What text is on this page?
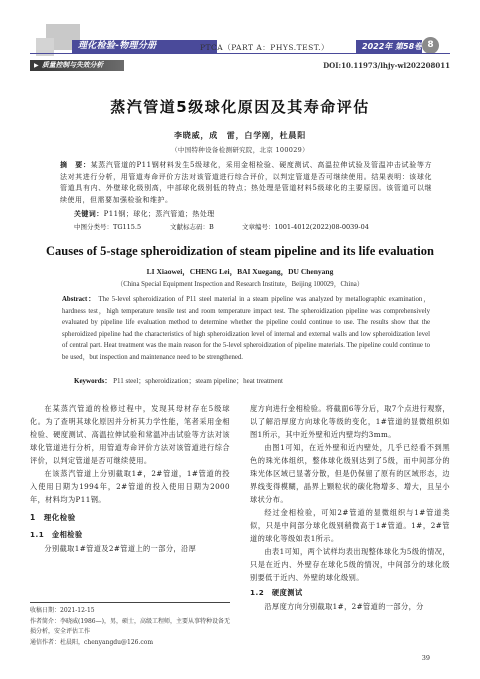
理化检验-物理分册	PTCA（PART A：PHYS.TEST.）	2022年 第58卷 8
▶ 质量控制与失效分析	DOI:10.11973/lhjy-wl202208011
蒸汽管道5级球化原因及其寿命评估
李晓威，成　雷，白学刚，杜晨阳
（中国特种设备检测研究院，北京 100029）
摘　要：某蒸汽管道的P11钢材料发生5级球化，采用金相检验、硬度测试、高温拉伸试验及管温冲击试验等方法对其进行分析，用管道寿命评价方法对该管道进行综合评价，以判定管道是否可继续使用。结果表明：该球化管道具有内、外壁球化级别高，中部球化级别低的特点；热处理是管道材料5级球化的主要原因。该管道可以继续使用，但需要加强检验和维护。
关键词：P11钢；球化；蒸汽管道；热处理
中图分类号：TG115.5	文献标志码：B	文章编号：1001-4012(2022)08-0039-04
Causes of 5-stage spheroidization of steam pipeline and its life evaluation
LI Xiaowei，CHENG Lei，BAI Xuegang，DU Chenyang
（China Special Equipment Inspection and Research Institute，Beijing 100029，China）
Abstract： The 5-level spheroidization of P11 steel material in a steam pipeline was analyzed by metallographic examination，hardness test，high temperature tensile test and room temperature impact test. The spheroidization pipeline was comprehensively evaluated by pipeline life evaluation method to determine whether the pipeline could continue to use. The results show that the spheroidized pipeline had the characteristics of high spheroidization level of internal and external walls and low spheroidization level of central part. Heat treatment was the main reason for the 5-level spheroidization of pipeline materials. The pipeline could continue to be used，but inspection and maintenance need to be strengthened.
Keywords： P11 steel；spheroidization；steam pipeline；heat treatment

在某蒸汽管道的检修过程中，发现其母材存在5级球化。为了查明其球化原因并分析其力学性能，笔者采用金相检验、硬度测试、高温拉伸试验和常温冲击试验等方法对该球化管道进行分析，用管道寿命评价方法对该管道进行综合评价，以判定管道是否可继续使用。

在该蒸汽管道上分别截取1#，2#管道，1#管道的投入使用日期为1994年，2#管道的投入使用日期为2000年，材料均为P11钢。

1　理化检验
1.1　金相检验

分别截取1#管道及2#管道上的一部分，沿厚

度方向进行金相检验。将截面6等分后，取7个点进行观察，以了解沿厚度方向球化等级的变化，1#管道的显微组织如图1所示，其中近外壁和近内壁均约3mm。

由图1可知，在近外壁和近内壁处，几乎已经看不到黑色的珠光体组织，整体球化级别达到了5级，而中间部分的珠光体区域已显著分散，但是仍保留了原有的区域形态，边界线变得模糊，晶界上颗粒状的碳化物增多、增大，且呈小球状分布。

经过金相检验，可知2#管道的显微组织与1#管道类似，只是中间部分球化级别稍微高于1#管道。1#，2#管道的球化等级如表1所示。

由表1可知，两个试样均表出现整体球化为5级的情况，只是在近内、外壁存在球化5级的情况，中间部分的球化级别要低于近内、外壁的球化级别。

1.2　硬度测试

沿厚度方向分别截取1#，2#管道的一部分，分

收稿日期：2021-12-15
作者简介：李晓威(1986—)，男，硕士，高级工程师，主要从事特种设备无损分析，安全评估工作
通信作者：杜晨阳，chenyangdu@126.com
39
